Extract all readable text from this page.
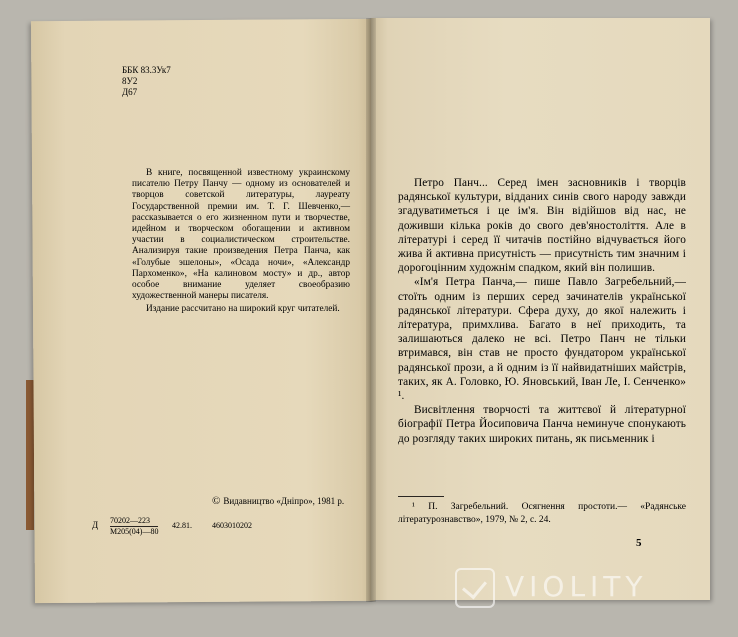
ББК 83.3Ук7
8У2
Д67

В книге, посвященной известному украинскому писателю Петру Панчу — одному из основателей и творцов советской литературы, лауреату Государственной премии им. Т. Г. Шевченко,— рассказывается о его жизненном пути и творчестве, идейном и творческом обогащении и активном участии в социалистическом строительстве. Анализируя такие произведения Петра Панча, как «Голубые эшелоны», «Осада ночи», «Александр Пархоменко», «На калиновом мосту» и др., автор особое внимание уделяет своеобразию художественной манеры писателя.

Издание рассчитано на широкий круг читателей.

© Видавництво «Дніпро», 1981 р.
Д 70202—223
М205(04)—80
42.81.	4603010202

Петро Панч... Серед імен засновників і творців радянської культури, відданих синів свого народу завжди згадуватиметься і це ім'я. Він відійшов від нас, не доживши кілька років до свого дев'яностоліття. Але в літературі і серед її читачів постійно відчувається його жива й активна присутність — присутність тим значним і дорогоцінним художнім спадком, який він полишив.

«Ім'я Петра Панча,— пише Павло Загребельний,— стоїть одним із перших серед зачинателів української радянської літератури. Сфера духу, до якої належить і література, примхлива. Багато в неї приходить, та залишаються далеко не всі. Петро Панч не тільки втримався, він став не просто фундатором української радянської прози, а й одним із її найвидатніших майстрів, таких, як А. Головко, Ю. Яновський, Іван Ле, І. Сенченко» ¹.

Висвітлення творчості та життєвої й літературної біографії Петра Йосиповича Панча неминуче спонукають до розгляду таких широких питань, як письменник і

¹ П. Загребельний. Осягнення простоти.— «Радянське літературознавство», 1979, № 2, с. 24.
5
VIOLITY
